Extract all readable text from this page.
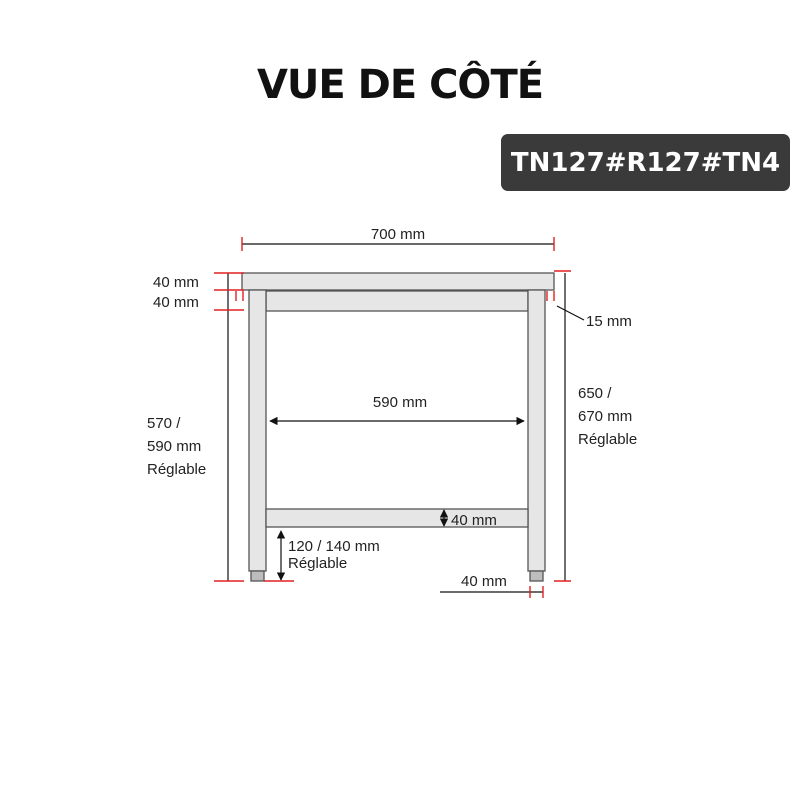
VUE DE CÔTÉ
TN127#R127#TN4
700 mm
40 mm
40 mm
15 mm
590 mm
40 mm
40 mm
120 / 140 mm
Réglable
570 /
590 mm
Réglable
650 /
670 mm
Réglable
